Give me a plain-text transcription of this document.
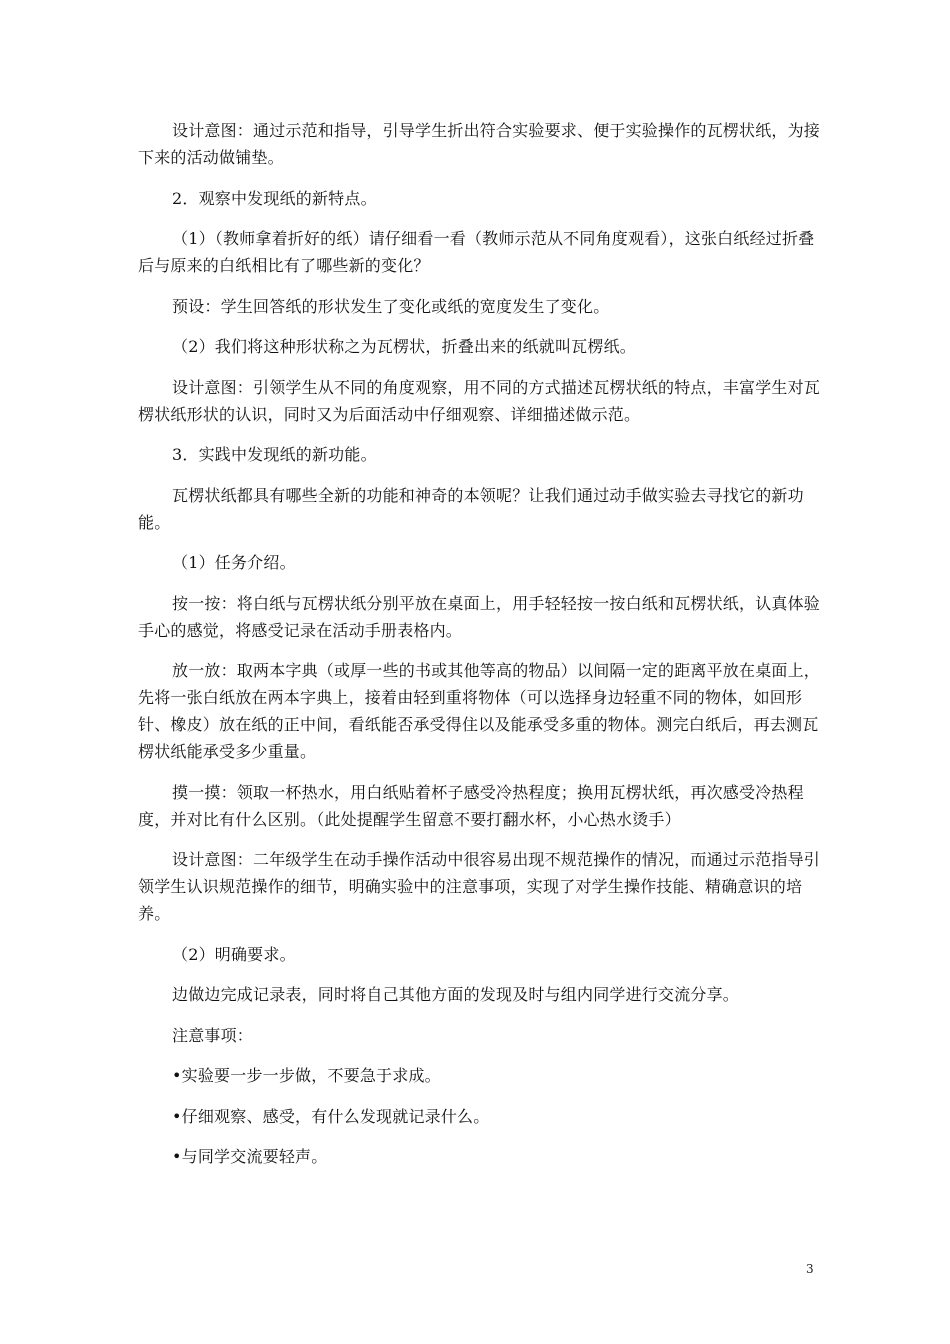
设计意图：通过示范和指导，引导学生折出符合实验要求、便于实验操作的瓦楞状纸，为接下来的活动做铺垫。

2．观察中发现纸的新特点。

（1）（教师拿着折好的纸）请仔细看一看（教师示范从不同角度观看），这张白纸经过折叠后与原来的白纸相比有了哪些新的变化？

预设：学生回答纸的形状发生了变化或纸的宽度发生了变化。

（2）我们将这种形状称之为瓦楞状，折叠出来的纸就叫瓦楞纸。

设计意图：引领学生从不同的角度观察，用不同的方式描述瓦楞状纸的特点，丰富学生对瓦楞状纸形状的认识，同时又为后面活动中仔细观察、详细描述做示范。

3．实践中发现纸的新功能。

瓦楞状纸都具有哪些全新的功能和神奇的本领呢？让我们通过动手做实验去寻找它的新功能。

（1）任务介绍。

按一按：将白纸与瓦楞状纸分别平放在桌面上，用手轻轻按一按白纸和瓦楞状纸，认真体验手心的感觉，将感受记录在活动手册表格内。

放一放：取两本字典（或厚一些的书或其他等高的物品）以间隔一定的距离平放在桌面上，先将一张白纸放在两本字典上，接着由轻到重将物体（可以选择身边轻重不同的物体，如回形针、橡皮）放在纸的正中间，看纸能否承受得住以及能承受多重的物体。测完白纸后，再去测瓦楞状纸能承受多少重量。

摸一摸：领取一杯热水，用白纸贴着杯子感受冷热程度；换用瓦楞状纸，再次感受冷热程度，并对比有什么区别。（此处提醒学生留意不要打翻水杯，小心热水烫手）

设计意图：二年级学生在动手操作活动中很容易出现不规范操作的情况，而通过示范指导引领学生认识规范操作的细节，明确实验中的注意事项，实现了对学生操作技能、精确意识的培养。

（2）明确要求。

边做边完成记录表，同时将自己其他方面的发现及时与组内同学进行交流分享。

注意事项：

•实验要一步一步做，不要急于求成。

•仔细观察、感受，有什么发现就记录什么。

•与同学交流要轻声。

3
